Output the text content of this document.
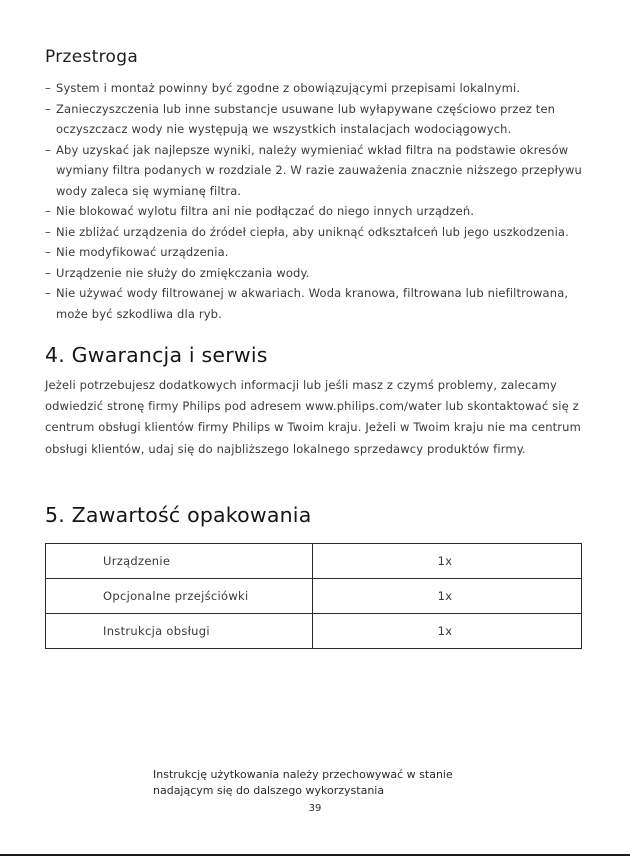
Przestroga
– System i montaż powinny być zgodne z obowiązującymi przepisami lokalnymi.
– Zanieczyszczenia lub inne substancje usuwane lub wyłapywane częściowo przez ten oczyszczacz wody nie występują we wszystkich instalacjach wodociągowych.
– Aby uzyskać jak najlepsze wyniki, należy wymieniać wkład filtra na podstawie okresów wymiany filtra podanych w rozdziale 2. W razie zauważenia znacznie niższego przepływu wody zaleca się wymianę filtra.
– Nie blokować wylotu filtra ani nie podłączać do niego innych urządzeń.
– Nie zbliżać urządzenia do źródeł ciepła, aby uniknąć odkształceń lub jego uszkodzenia.
– Nie modyfikować urządzenia.
– Urządzenie nie służy do zmiękczania wody.
– Nie używać wody filtrowanej w akwariach. Woda kranowa, filtrowana lub niefiltrowana, może być szkodliwa dla ryb.
4. Gwarancja i serwis

Jeżeli potrzebujesz dodatkowych informacji lub jeśli masz z czymś problemy, zalecamy odwiedzić stronę firmy Philips pod adresem www.philips.com/water lub skontaktować się z centrum obsługi klientów firmy Philips w Twoim kraju. Jeżeli w Twoim kraju nie ma centrum obsługi klientów, udaj się do najbliższego lokalnego sprzedawcy produktów firmy.

5. Zawartość opakowania
Urządzenie	1x
Opcjonalne przejściówki	1x
Instrukcja obsługi	1x

Instrukcję użytkowania należy przechowywać w stanie
nadającym się do dalszego wykorzystania

39
